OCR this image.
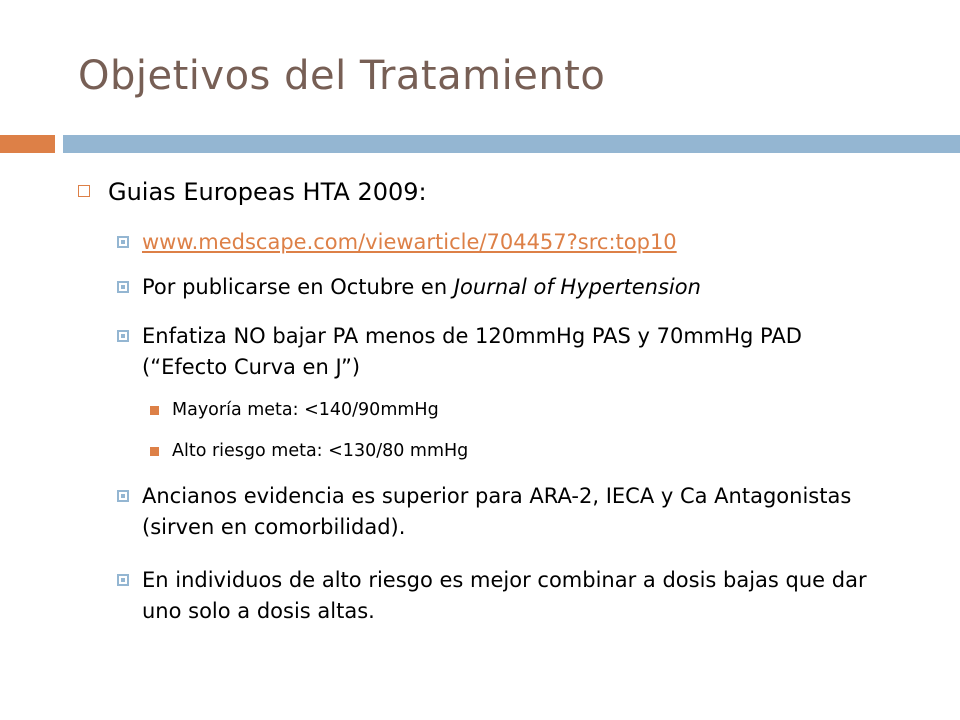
Objetivos del Tratamiento
Guias Europeas HTA 2009:
www.medscape.com/viewarticle/704457?src:top10
Por publicarse en Octubre en Journal of Hypertension
Enfatiza NO bajar PA menos de 120mmHg PAS y 70mmHg PAD (“Efecto Curva en J”)
Mayoría meta: <140/90mmHg
Alto riesgo meta: <130/80 mmHg
Ancianos evidencia es superior para ARA-2, IECA y Ca Antagonistas (sirven en comorbilidad).
En individuos de alto riesgo es mejor combinar a dosis bajas que dar uno solo a dosis altas.
